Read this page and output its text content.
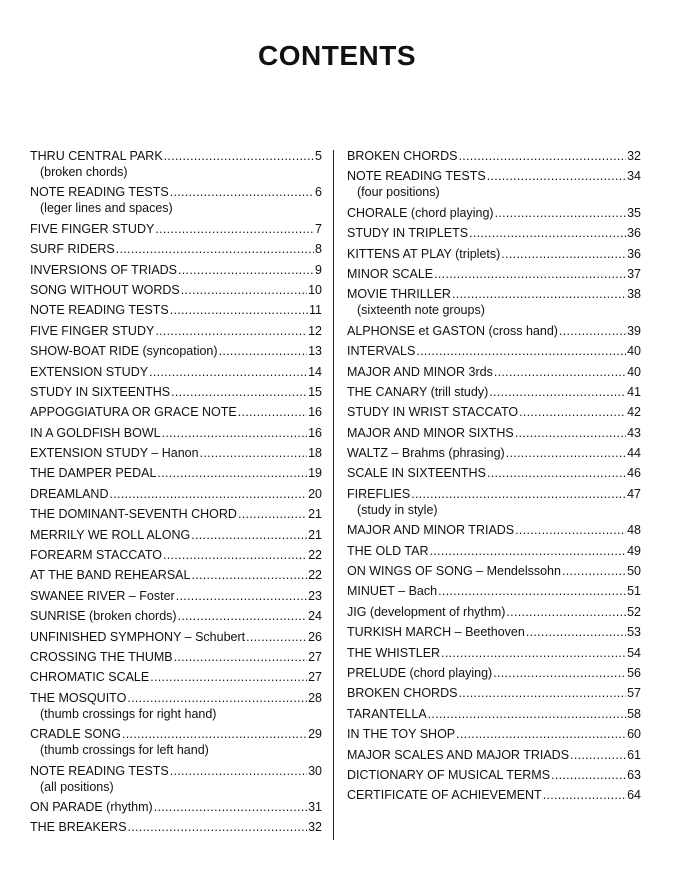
CONTENTS
THRU CENTRAL PARK .....	5
(broken chords)
NOTE READING TESTS .....	6
(leger lines and spaces)
FIVE FINGER STUDY .....	7
SURF RIDERS .....	8
INVERSIONS OF TRIADS .....	9
SONG WITHOUT WORDS .....	10
NOTE READING TESTS .....	11
FIVE FINGER STUDY .....	12
SHOW-BOAT RIDE (syncopation) .....	13
EXTENSION STUDY .....	14
STUDY IN SIXTEENTHS .....	15
APPOGGIATURA OR GRACE NOTE .....	16
IN A GOLDFISH BOWL .....	16
EXTENSION STUDY – Hanon .....	18
THE DAMPER PEDAL .....	19
DREAMLAND .....	20
THE DOMINANT-SEVENTH CHORD .....	21
MERRILY WE ROLL ALONG .....	21
FOREARM STACCATO .....	22
AT THE BAND REHEARSAL .....	22
SWANEE RIVER – Foster .....	23
SUNRISE (broken chords) .....	24
UNFINISHED SYMPHONY – Schubert .....	26
CROSSING THE THUMB .....	27
CHROMATIC SCALE .....	27
THE MOSQUITO .....	28
(thumb crossings for right hand)
CRADLE SONG .....	29
(thumb crossings for left hand)
NOTE READING TESTS .....	30
(all positions)
ON PARADE (rhythm) .....	31
THE BREAKERS .....	32
BROKEN CHORDS .....	32
NOTE READING TESTS .....	34
(four positions)
CHORALE (chord playing) .....	35
STUDY IN TRIPLETS .....	36
KITTENS AT PLAY (triplets) .....	36
MINOR SCALE .....	37
MOVIE THRILLER .....	38
(sixteenth note groups)
ALPHONSE et GASTON (cross hand) .....	39
INTERVALS .....	40
MAJOR AND MINOR 3rds .....	40
THE CANARY (trill study) .....	41
STUDY IN WRIST STACCATO .....	42
MAJOR AND MINOR SIXTHS .....	43
WALTZ – Brahms (phrasing) .....	44
SCALE IN SIXTEENTHS .....	46
FIREFLIES .....	47
(study in style)
MAJOR AND MINOR TRIADS .....	48
THE OLD TAR .....	49
ON WINGS OF SONG – Mendelssohn .....	50
MINUET – Bach .....	51
JIG (development of rhythm) .....	52
TURKISH MARCH – Beethoven .....	53
THE WHISTLER .....	54
PRELUDE (chord playing) .....	56
BROKEN CHORDS .....	57
TARANTELLA .....	58
IN THE TOY SHOP .....	60
MAJOR SCALES AND MAJOR TRIADS .....	61
DICTIONARY OF MUSICAL TERMS .....	63
CERTIFICATE OF ACHIEVEMENT .....	64
